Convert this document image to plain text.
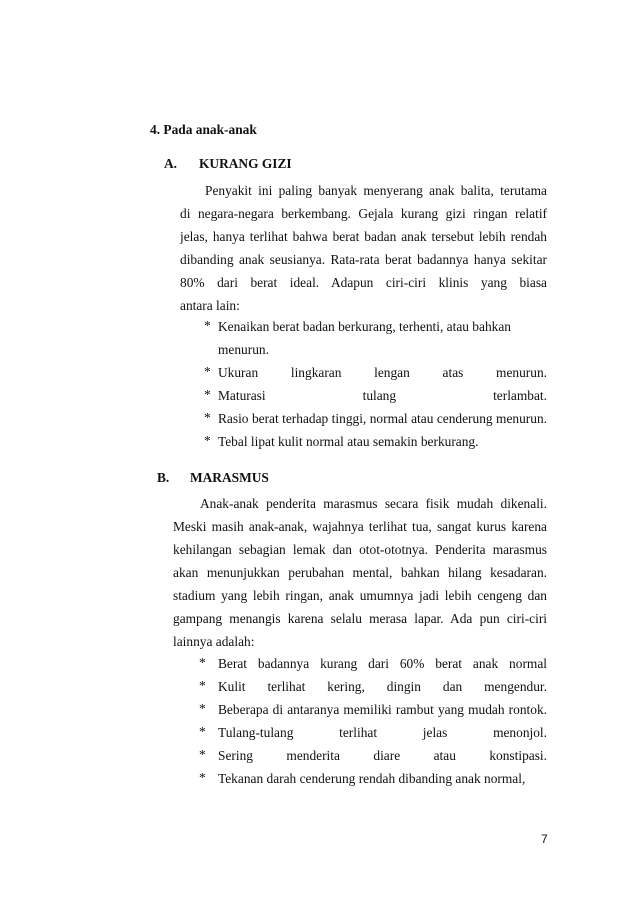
4. Pada anak-anak
A. KURANG GIZI
Penyakit ini paling banyak menyerang anak balita, terutama
di negara-negara berkembang. Gejala kurang gizi ringan relatif
jelas, hanya terlihat bahwa berat badan anak tersebut lebih rendah
dibanding anak seusianya. Rata-rata berat badannya hanya sekitar
80% dari berat ideal. Adapun ciri-ciri klinis yang biasa
antara lain:
* Kenaikan berat badan berkurang, terhenti, atau bahkan
menurun.
* Ukuran lingkaran lengan atas menurun.
* Maturasi tulang terlambat.
* Rasio berat terhadap tinggi, normal atau cenderung menurun.
* Tebal lipat kulit normal atau semakin berkurang.
B. MARASMUS
Anak-anak penderita marasmus secara fisik mudah dikenali.
Meski masih anak-anak, wajahnya terlihat tua, sangat kurus karena
kehilangan sebagian lemak dan otot-ototnya. Penderita marasmus
akan menunjukkan perubahan mental, bahkan hilang kesadaran.
stadium yang lebih ringan, anak umumnya jadi lebih cengeng dan
gampang menangis karena selalu merasa lapar. Ada pun ciri-ciri
lainnya adalah:
* Berat badannya kurang dari 60% berat anak normal
* Kulit terlihat kering, dingin dan mengendur.
* Beberapa di antaranya memiliki rambut yang mudah rontok.
* Tulang-tulang terlihat jelas menonjol.
* Sering menderita diare atau konstipasi.
* Tekanan darah cenderung rendah dibanding anak normal,
7
